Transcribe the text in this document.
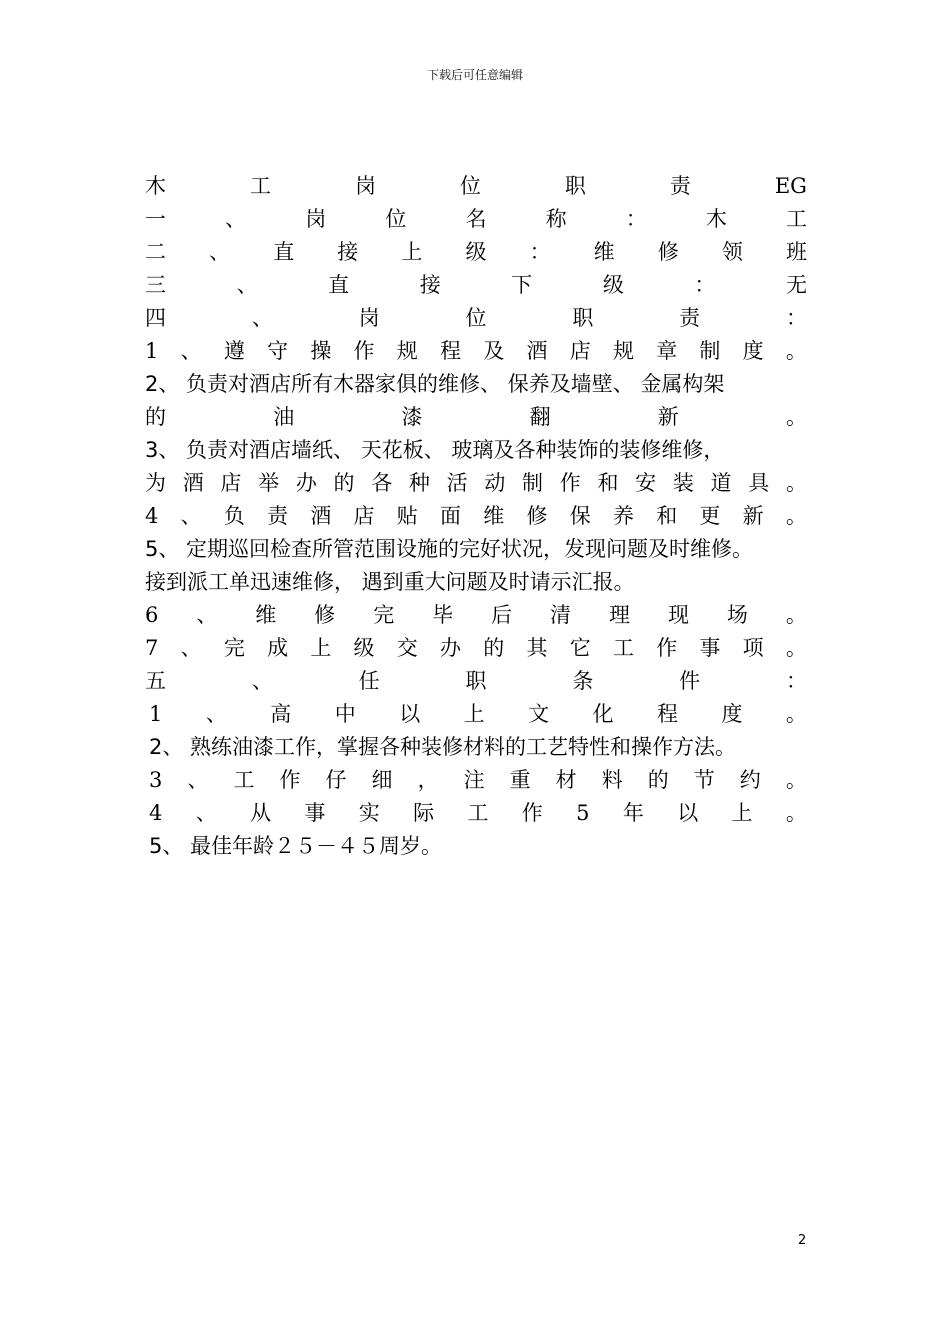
下载后可任意编辑
木	工	岗	位	职	责	EG
一	、	岗	位	名	称	：	木	工
二 、 直 接 上 级 ： 维 修 领 班
三	、	直	接	下	级	：	无
四	、	岗	位	职	责	：
1 、 遵 守 操 作 规 程 及 酒 店 规 章 制 度 。
2、 负责对酒店所有木器家俱的维修、 保养及墙壁、 金属构架
的	油	漆	翻	新	。
3、 负责对酒店墙纸、 天花板、 玻璃及各种装饰的装修维修，
为 酒 店 举 办 的 各 种 活 动 制 作 和 安 装 道 具 。
4 、 负 责 酒 店 贴 面 维 修 保 养 和 更 新 。
5、 定期巡回检查所管范围设施的完好状况，发现问题及时维修。
接到派工单迅速维修， 遇到重大问题及时请示汇报。
6 、 维 修 完 毕 后 清 理 现 场 。
7 、 完 成 上 级 交 办 的 其 它 工 作 事 项 。
五	、	任	职	条	件	：
1 、 高 中 以 上 文 化 程 度 。
2、 熟练油漆工作，掌握各种装修材料的工艺特性和操作方法。
3 、 工 作 仔 细 ， 注 重 材 料 的 节 约 。
4 、 从 事 实 际 工 作 5 年 以 上 。
5、 最佳年龄２５－４５周岁。
2
